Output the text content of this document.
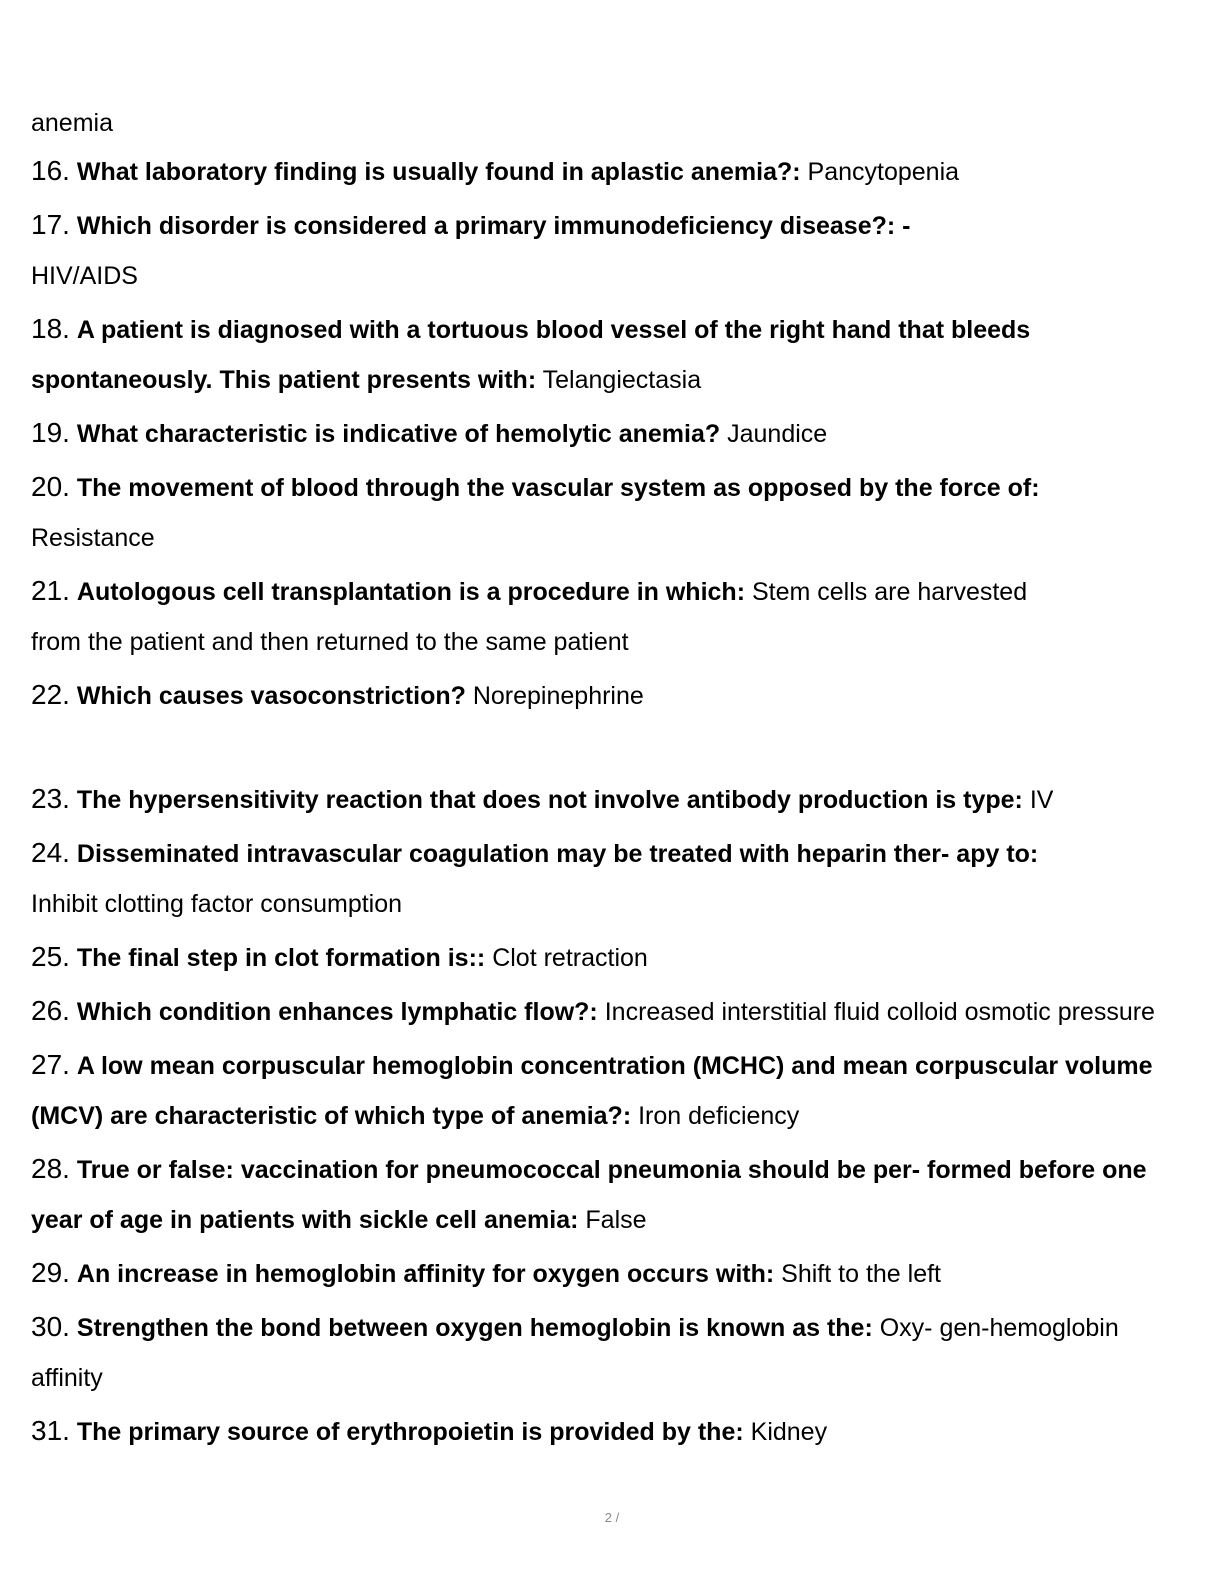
anemia
16. What laboratory finding is usually found in aplastic anemia?: Pancytopenia
17. Which disorder is considered a primary immunodeficiency disease?: -
HIV/AIDS
18. A patient is diagnosed with a tortuous blood vessel of the right hand that bleeds spontaneously. This patient presents with: Telangiectasia
19. What characteristic is indicative of hemolytic anemia? Jaundice
20. The movement of blood through the vascular system as opposed by the force of:
Resistance
21. Autologous cell transplantation is a procedure in which: Stem cells are harvested from the patient and then returned to the same patient
22. Which causes vasoconstriction? Norepinephrine
23. The hypersensitivity reaction that does not involve antibody production is type: IV
24. Disseminated intravascular coagulation may be treated with heparin ther- apy to:
Inhibit clotting factor consumption
25. The final step in clot formation is:: Clot retraction
26. Which condition enhances lymphatic flow?: Increased interstitial fluid colloid osmotic pressure
27. A low mean corpuscular hemoglobin concentration (MCHC) and mean corpuscular volume (MCV) are characteristic of which type of anemia?: Iron deficiency
28. True or false: vaccination for pneumococcal pneumonia should be per- formed before one year of age in patients with sickle cell anemia: False
29. An increase in hemoglobin affinity for oxygen occurs with: Shift to the left
30. Strengthen the bond between oxygen hemoglobin is known as the: Oxy- gen-hemoglobin affinity
31. The primary source of erythropoietin is provided by the: Kidney
2 /
